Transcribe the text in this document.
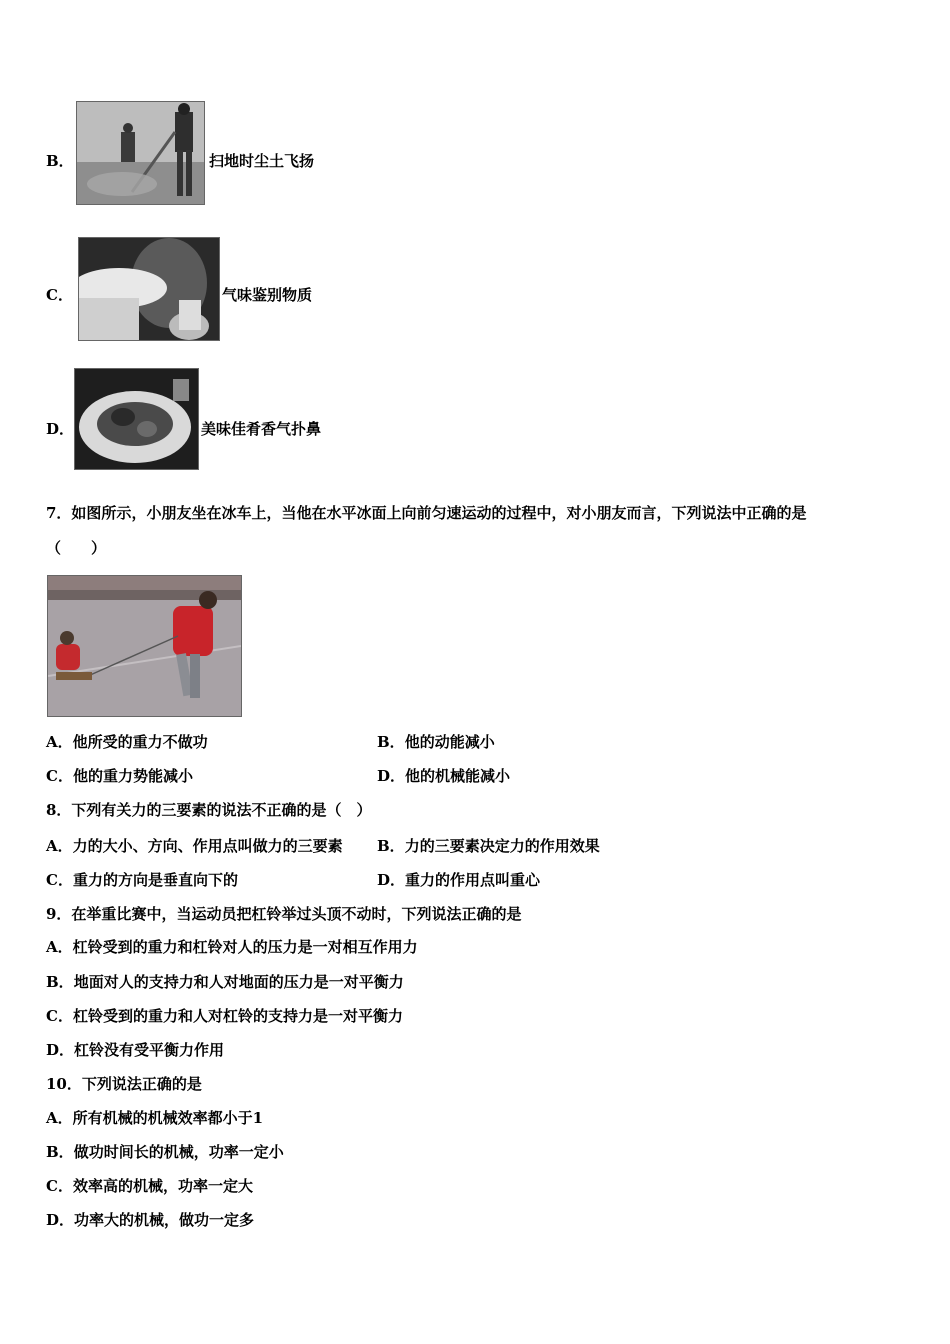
B．	扫地时尘土飞扬
C．	气味鉴别物质
D．	美味佳肴香气扑鼻
7．如图所示，小朋友坐在冰车上，当他在水平冰面上向前匀速运动的过程中，对小朋友而言，下列说法中正确的是
（　　）
A．他所受的重力不做功	B．他的动能减小
C．他的重力势能减小	D．他的机械能减小
8．下列有关力的三要素的说法不正确的是（　）
A．力的大小、方向、作用点叫做力的三要素 B．力的三要素决定力的作用效果
C．重力的方向是垂直向下的	D．重力的作用点叫重心
9．在举重比赛中，当运动员把杠铃举过头顶不动时，下列说法正确的是
A．杠铃受到的重力和杠铃对人的压力是一对相互作用力
B．地面对人的支持力和人对地面的压力是一对平衡力
C．杠铃受到的重力和人对杠铃的支持力是一对平衡力
D．杠铃没有受平衡力作用
10．下列说法正确的是
A．所有机械的机械效率都小于1
B．做功时间长的机械，功率一定小
C．效率高的机械，功率一定大
D．功率大的机械，做功一定多
